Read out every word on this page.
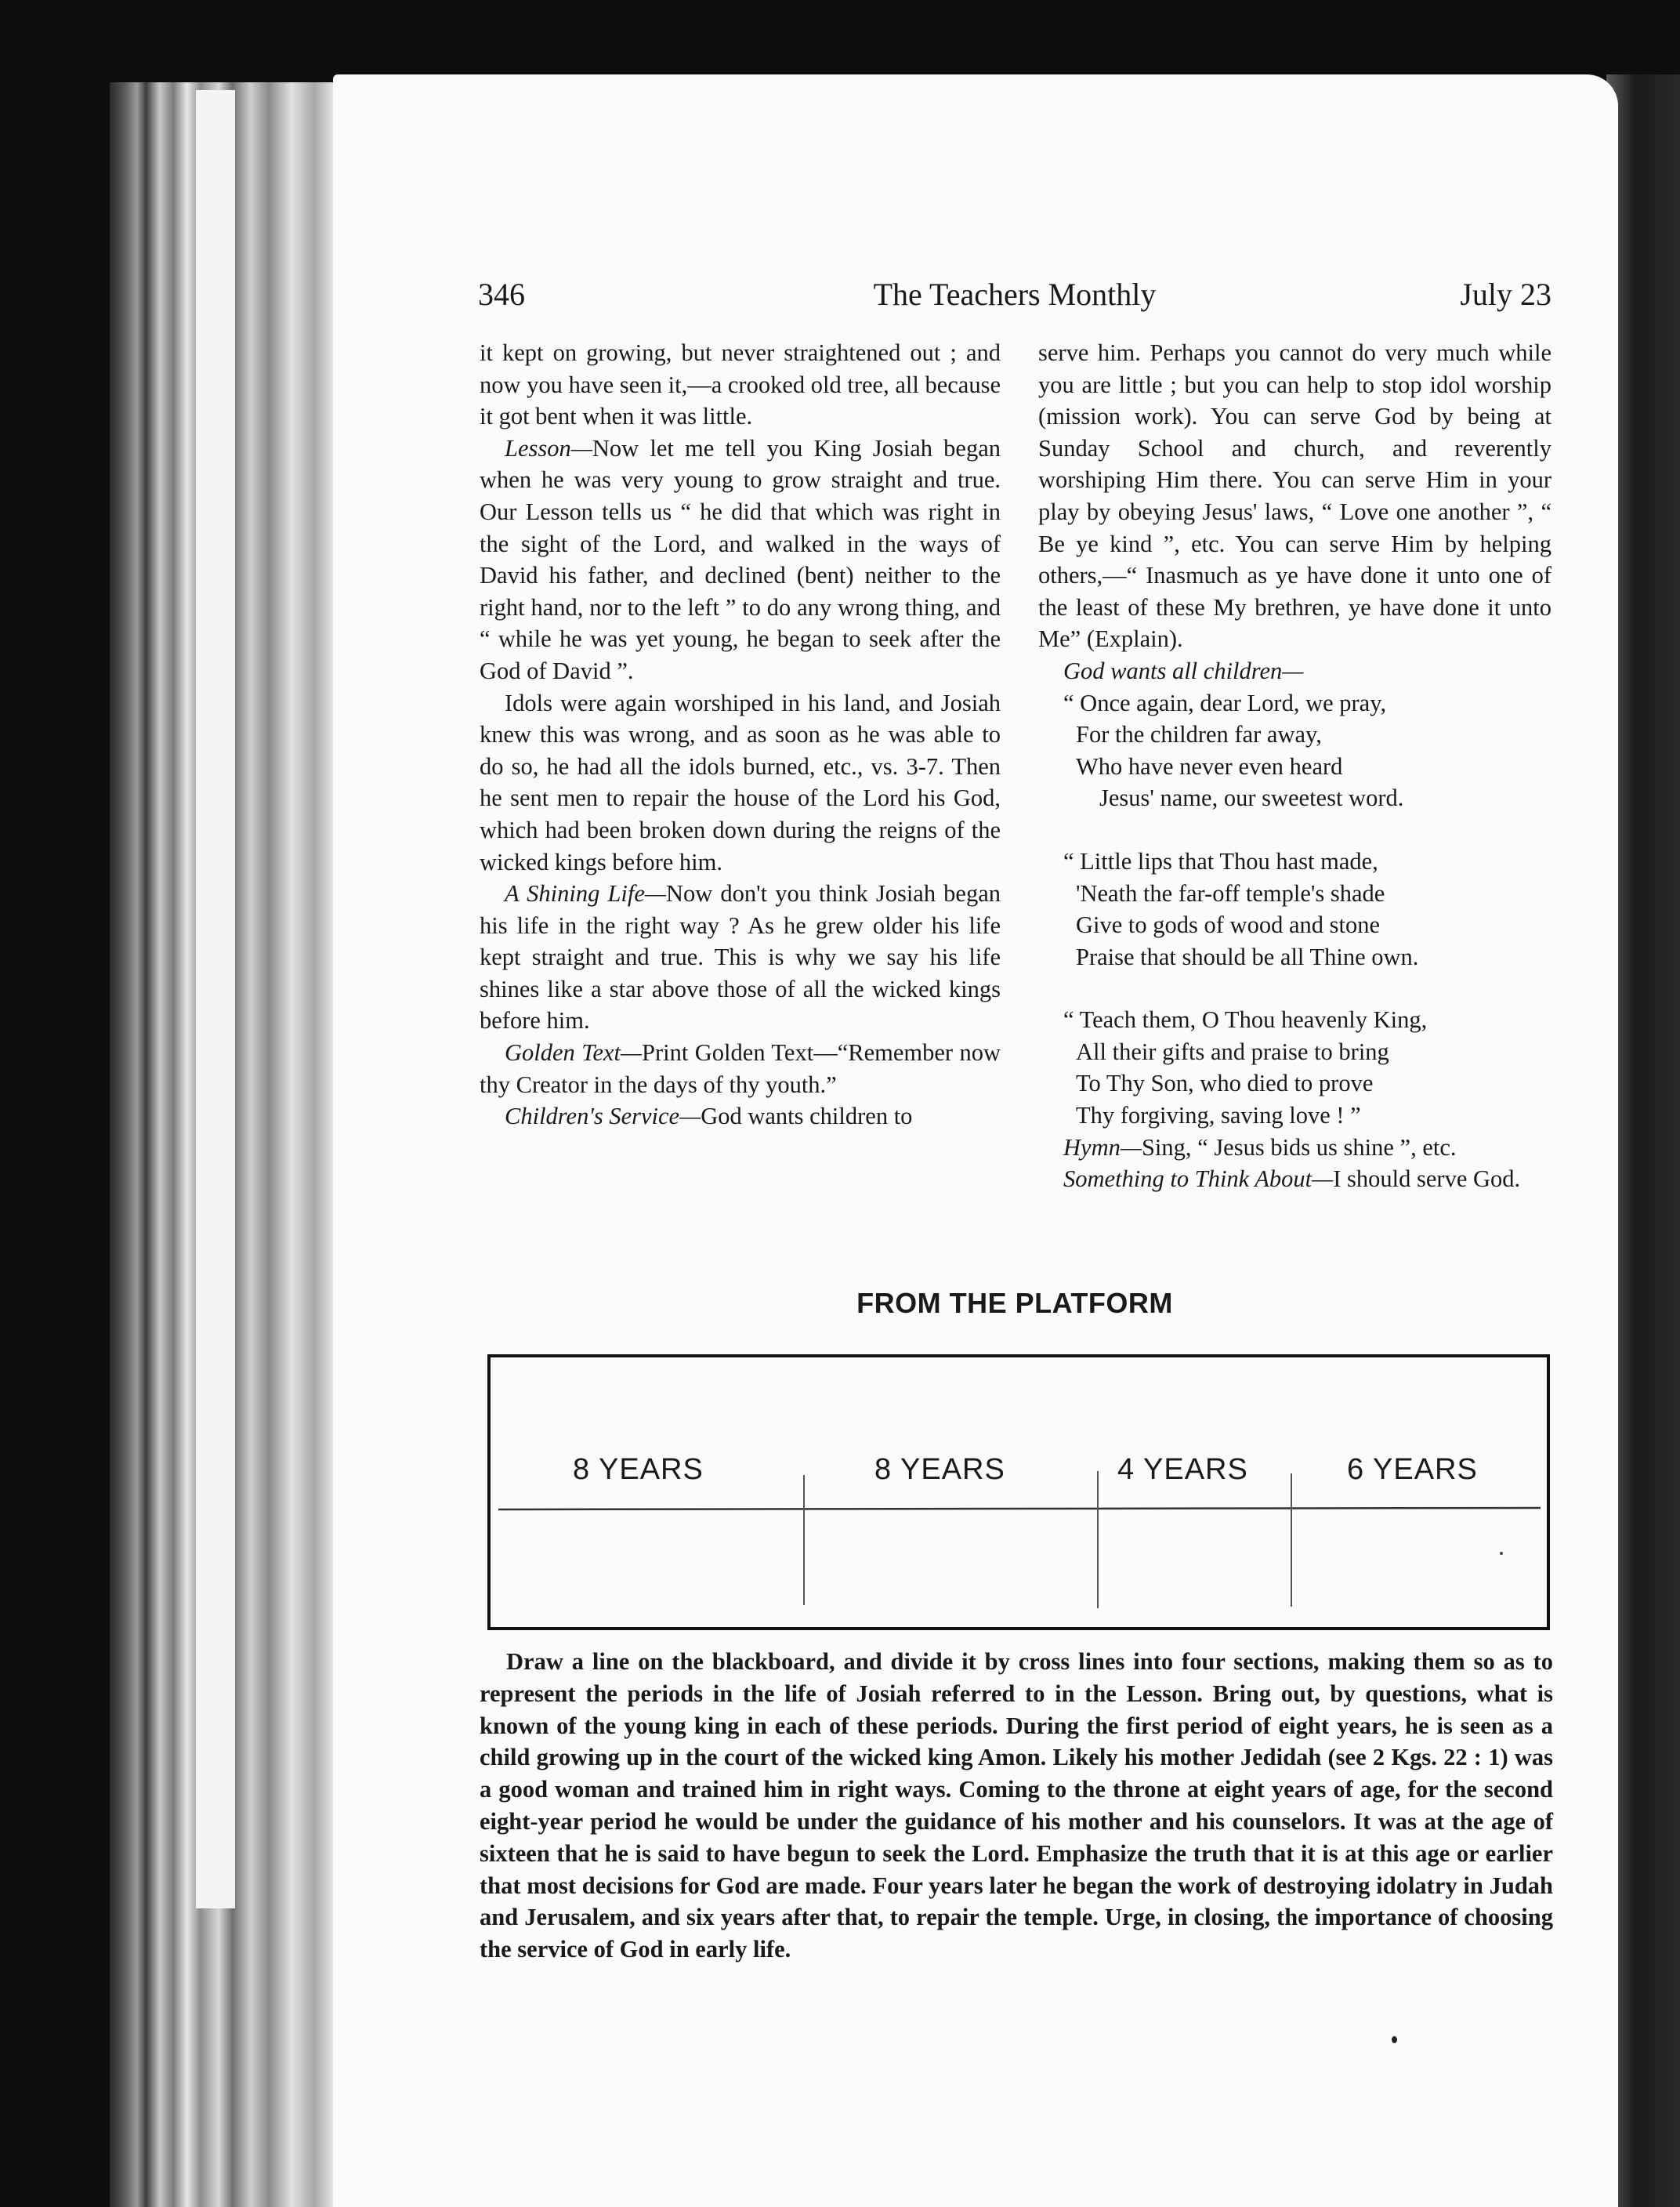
346	The Teachers Monthly	July 23

it kept on growing, but never straightened out ; and now you have seen it,—a crooked old tree, all because it got bent when it was little.

Lesson—Now let me tell you King Josiah began when he was very young to grow straight and true. Our Lesson tells us “ he did that which was right in the sight of the Lord, and walked in the ways of David his father, and declined (bent) neither to the right hand, nor to the left ” to do any wrong thing, and “ while he was yet young, he began to seek after the God of David ”.

Idols were again worshiped in his land, and Josiah knew this was wrong, and as soon as he was able to do so, he had all the idols burned, etc., vs. 3-7. Then he sent men to repair the house of the Lord his God, which had been broken down during the reigns of the wicked kings before him.

A Shining Life—Now don't you think Josiah began his life in the right way ? As he grew older his life kept straight and true. This is why we say his life shines like a star above those of all the wicked kings before him.

Golden Text—Print Golden Text—“Remember now thy Creator in the days of thy youth.”

Children's Service—God wants children to

serve him. Perhaps you cannot do very much while you are little ; but you can help to stop idol worship (mission work). You can serve God by being at Sunday School and church, and reverently worshiping Him there. You can serve Him in your play by obeying Jesus' laws, “ Love one another ”, “ Be ye kind ”, etc. You can serve Him by helping others,—“ Inasmuch as ye have done it unto one of the least of these My brethren, ye have done it unto Me” (Explain).

God wants all children—

“ Once again, dear Lord, we pray,
For the children far away,
Who have never even heard
Jesus' name, our sweetest word.
“ Little lips that Thou hast made,
'Neath the far-off temple's shade
Give to gods of wood and stone
Praise that should be all Thine own.
“ Teach them, O Thou heavenly King,
All their gifts and praise to bring
To Thy Son, who died to prove
Thy forgiving, saving love ! ”

Hymn—Sing, “ Jesus bids us shine ”, etc.

Something to Think About—I should serve God.

FROM THE PLATFORM
8 YEARS	8 YEARS	4 YEARS	6 YEARS

Draw a line on the blackboard, and divide it by cross lines into four sections, making them so as to represent the periods in the life of Josiah referred to in the Lesson. Bring out, by questions, what is known of the young king in each of these periods. During the first period of eight years, he is seen as a child growing up in the court of the wicked king Amon. Likely his mother Jedidah (see 2 Kgs. 22 : 1) was a good woman and trained him in right ways. Coming to the throne at eight years of age, for the second eight-year period he would be under the guidance of his mother and his counselors. It was at the age of sixteen that he is said to have begun to seek the Lord. Emphasize the truth that it is at this age or earlier that most decisions for God are made. Four years later he began the work of destroying idolatry in Judah and Jerusalem, and six years after that, to repair the temple. Urge, in closing, the importance of choosing the service of God in early life.
